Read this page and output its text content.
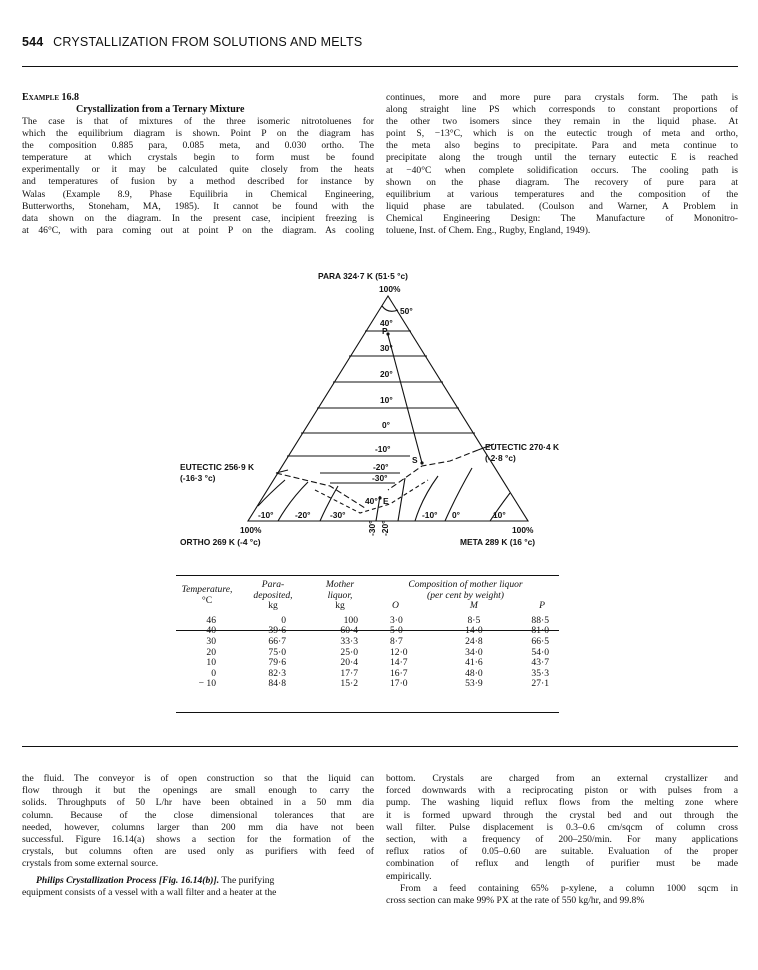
544 CRYSTALLIZATION FROM SOLUTIONS AND MELTS
Example 16.8
Crystallization from a Ternary Mixture
The case is that of mixtures of the three isomeric nitrotoluenes for
which the equilibrium diagram is shown. Point P on the diagram has
the composition 0.885 para, 0.085 meta, and 0.030 ortho. The
temperature at which crystals begin to form must be found
experimentally or it may be calculated quite closely from the heats
and temperatures of fusion by a method described for instance by
Walas (Example 8.9, Phase Equilibria in Chemical Engineering,
Butterworths, Stoneham, MA, 1985). It cannot be found with the
data shown on the diagram. In the present case, incipient freezing is
at 46°C, with para coming out at point P on the diagram. As cooling
continues, more and more pure para crystals form. The path is
along straight line PS which corresponds to constant proportions of
the other two isomers since they remain in the liquid phase. At
point S, −13°C, which is on the eutectic trough of meta and ortho,
the meta also begins to precipitate. Para and meta continue to
precipitate along the trough until the ternary eutectic E is reached
at −40°C when complete solidification occurs. The cooling path is
shown on the phase diagram. The recovery of pure para at
equilibrium at various temperatures and the composition of the
liquid phase are tabulated. (Coulson and Warner, A Problem in
Chemical Engineering Design: The Manufacture of Mononitro-
toluene, Inst. of Chem. Eng., Rugby, England, 1949).
PARA 324·7 K (51·5 °c)
100%
50°
40°
30°
20°
10°
0°
-10°
-20°
-30°
40°
P
S
E
EUTECTIC 270·4 K
(-2·8 °c)
EUTECTIC 256·9 K
(-16·3 °c)
-10°	-20° -30°	-10° 0°	10°
100%	100%
ORTHO 269 K (-4 °c)	META 289 K (16 °c)
-30° -20°
Temperature,
°C	Para-
deposited,
kg	Mother
liquor,
kg	Composition of mother liquor		
			(per cent by weight)		
			O	M	P
46	0	100	3·0	8·5	88·5
40	39·6	60·4	5·0	14·0	81·0
30	66·7	33·3	8·7	24·8	66·5
20	75·0	25·0	12·0	34·0	54·0
10	79·6	20·4	14·7	41·6	43·7
0	82·3	17·7	16·7	48·0	35·3
− 10	84·8	15·2	17·0	53·9	27·1
the fluid. The conveyor is of open construction so that the liquid can
flow through it but the openings are small enough to carry the
solids. Throughputs of 50 L/hr have been obtained in a 50 mm dia
column. Because of the close dimensional tolerances that are
needed, however, columns larger than 200 mm dia have not been
successful. Figure 16.14(a) shows a section for the formation of the
crystals, but columns often are used only as purifiers with feed of
crystals from some external source.
Philips Crystallization Process [Fig. 16.14(b)]. The purifying
equipment consists of a vessel with a wall filter and a heater at the
bottom. Crystals are charged from an external crystallizer and
forced downwards with a reciprocating piston or with pulses from a
pump. The washing liquid reflux flows from the melting zone where
it is formed upward through the crystal bed and out through the
wall filter. Pulse displacement is 0.3–0.6 cm/sqcm of column cross
section, with a frequency of 200–250/min. For many applications
reflux ratios of 0.05–0.60 are suitable. Evaluation of the proper
combination of reflux and length of purifier must be made
empirically.
From a feed containing 65% p-xylene, a column 1000 sqcm in
cross section can make 99% PX at the rate of 550 kg/hr, and 99.8%
